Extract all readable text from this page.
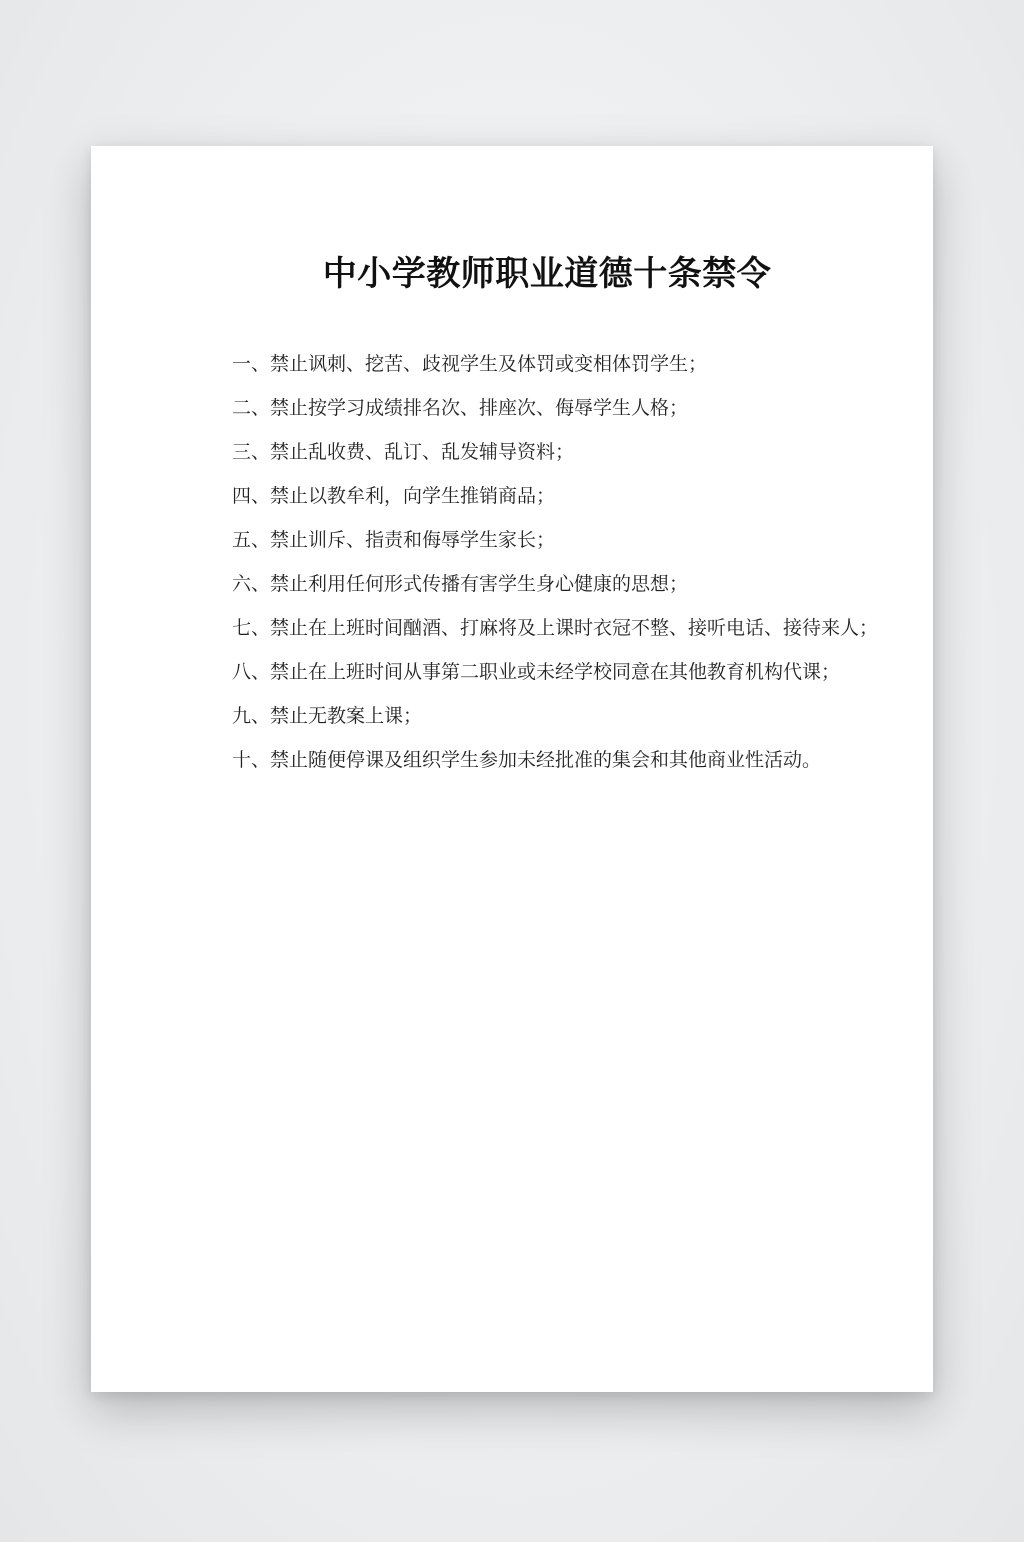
中小学教师职业道德十条禁令
一、禁止讽刺、挖苦、歧视学生及体罚或变相体罚学生；
二、禁止按学习成绩排名次、排座次、侮辱学生人格；
三、禁止乱收费、乱订、乱发辅导资料；
四、禁止以教牟利，向学生推销商品；
五、禁止训斥、指责和侮辱学生家长；
六、禁止利用任何形式传播有害学生身心健康的思想；
七、禁止在上班时间酗酒、打麻将及上课时衣冠不整、接听电话、接待来人；
八、禁止在上班时间从事第二职业或未经学校同意在其他教育机构代课；
九、禁止无教案上课；
十、禁止随便停课及组织学生参加未经批准的集会和其他商业性活动。
